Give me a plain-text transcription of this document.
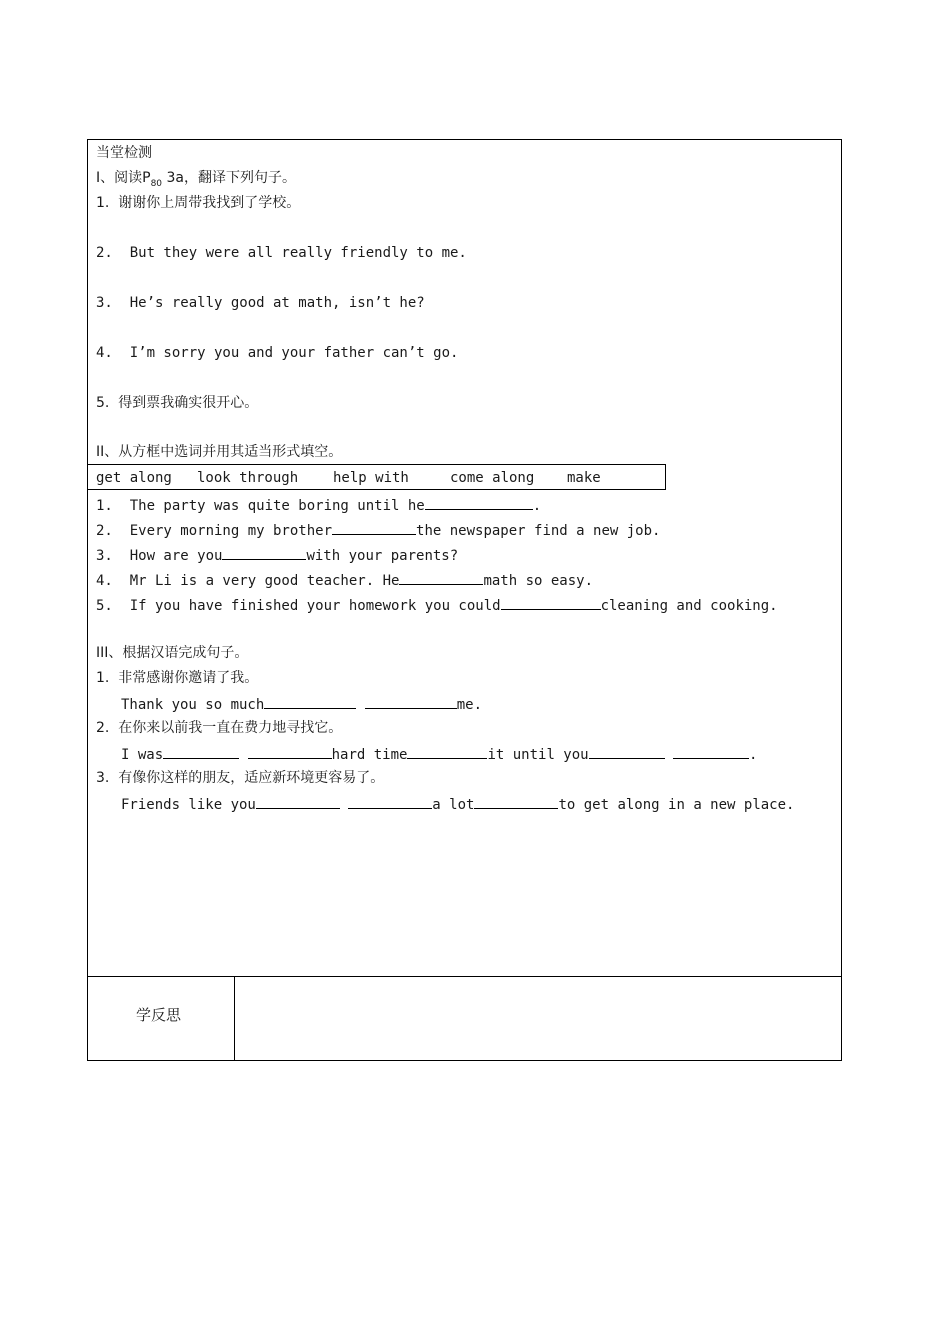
当堂检测
I、阅读$P_{80}$ 3a，翻译下列句子。
1.  谢谢你上周带我找到了学校。
2.  But they were all really friendly to me.
3.  He’s really good at math, isn’t he?
4.  I’m sorry you and your father can’t go.
5.  得到票我确实很开心。
II、从方框中选词并用其适当形式填空。
get along look through help with	come along make
1.  The party was quite boring until he	.
2.  Every morning my brother	the newspaper find a new job.
3.  How are you	with your parents?
4.  Mr Li is a very good teacher. He	math so easy.
5.  If you have finished your homework you could	cleaning and cooking.
III、根据汉语完成句子。
1.  非常感谢你邀请了我。
Thank you so much	me.
2.  在你来以前我一直在费力地寻找它。
I was	hard time	it until you	.
3.  有像你这样的朋友，适应新环境更容易了。
Friends like you	a lot	to get along in a new place.
学反思
